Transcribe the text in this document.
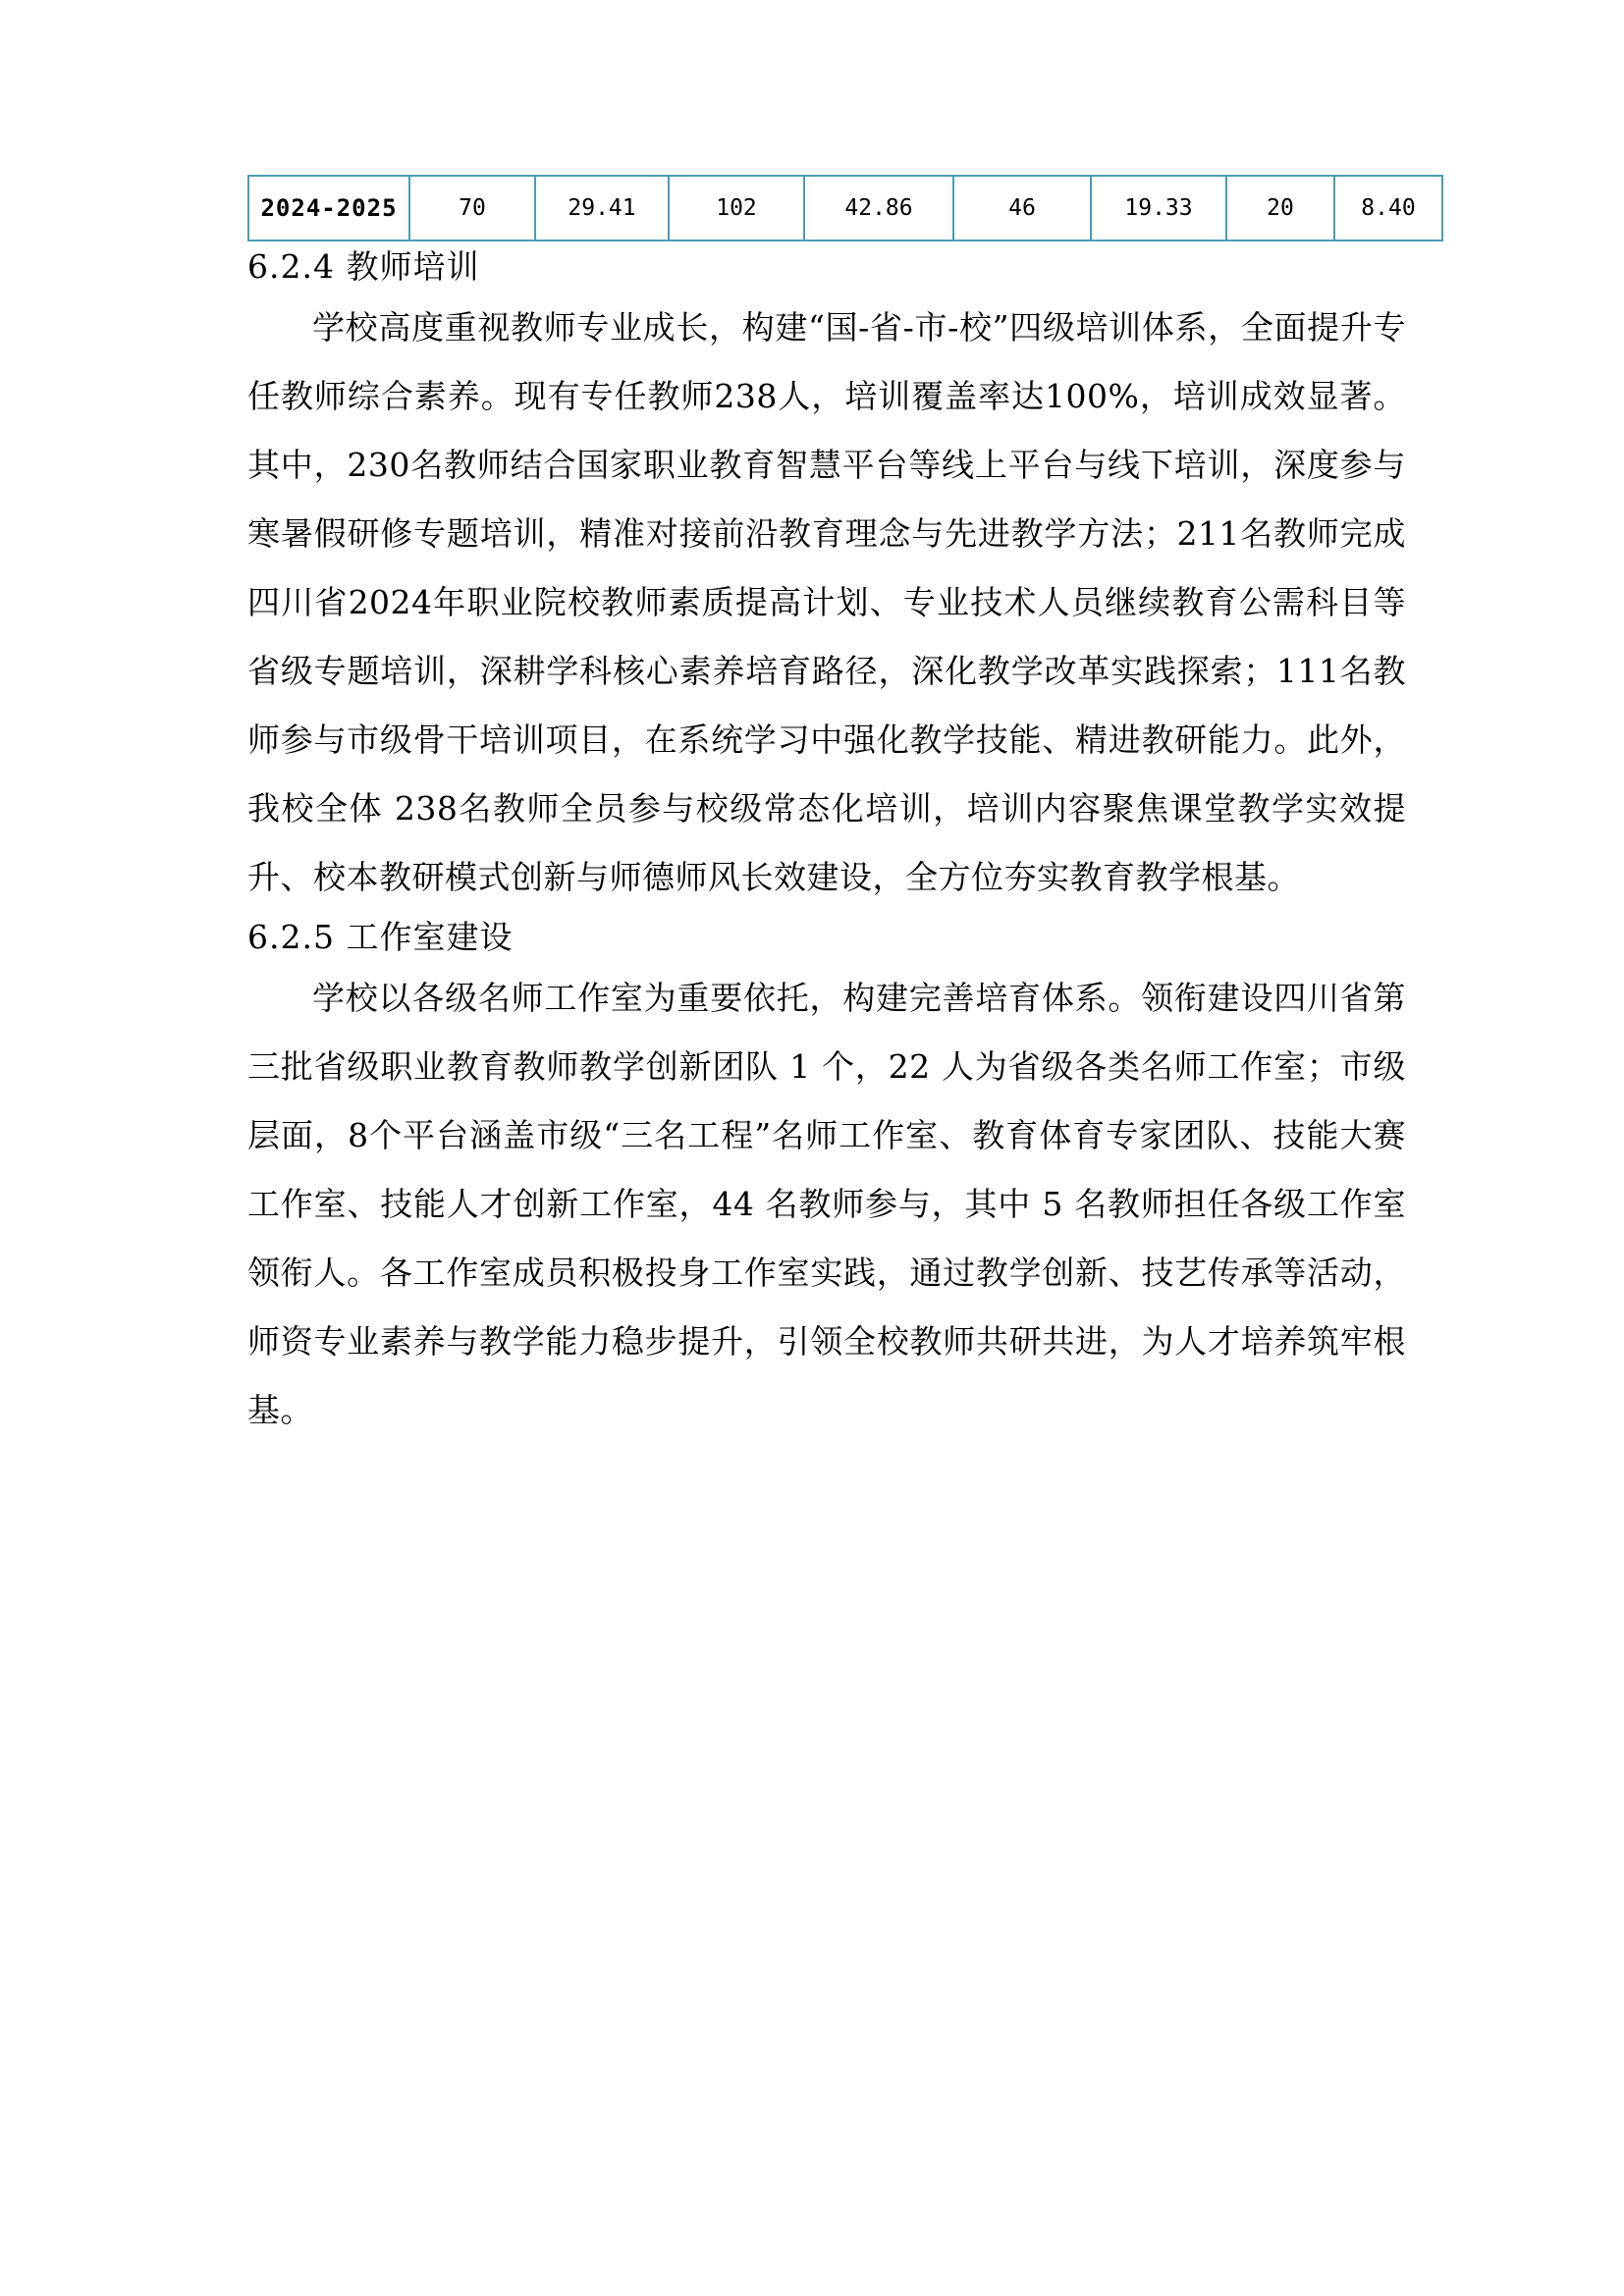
2024-2025	70	29.41	102	42.86	46	19.33	20	8.40
6.2.4 教师培训

学校高度重视教师专业成长，构建“国-省-市-校”四级培训体系，全面提升专任教师综合素养。现有专任教师238人，培训覆盖率达100%，培训成效显著。其中，230名教师结合国家职业教育智慧平台等线上平台与线下培训，深度参与寒暑假研修专题培训，精准对接前沿教育理念与先进教学方法；211名教师完成四川省2024年职业院校教师素质提高计划、专业技术人员继续教育公需科目等省级专题培训，深耕学科核心素养培育路径，深化教学改革实践探索；111名教师参与市级骨干培训项目，在系统学习中强化教学技能、精进教研能力。此外，我校全体 238名教师全员参与校级常态化培训，培训内容聚焦课堂教学实效提升、校本教研模式创新与师德师风长效建设，全方位夯实教育教学根基。

6.2.5 工作室建设

学校以各级名师工作室为重要依托，构建完善培育体系。领衔建设四川省第三批省级职业教育教师教学创新团队 1 个，22 人为省级各类名师工作室；市级层面，8个平台涵盖市级“三名工程”名师工作室、教育体育专家团队、技能大赛工作室、技能人才创新工作室，44 名教师参与，其中 5 名教师担任各级工作室领衔人。各工作室成员积极投身工作室实践，通过教学创新、技艺传承等活动，师资专业素养与教学能力稳步提升，引领全校教师共研共进，为人才培养筑牢根基。
